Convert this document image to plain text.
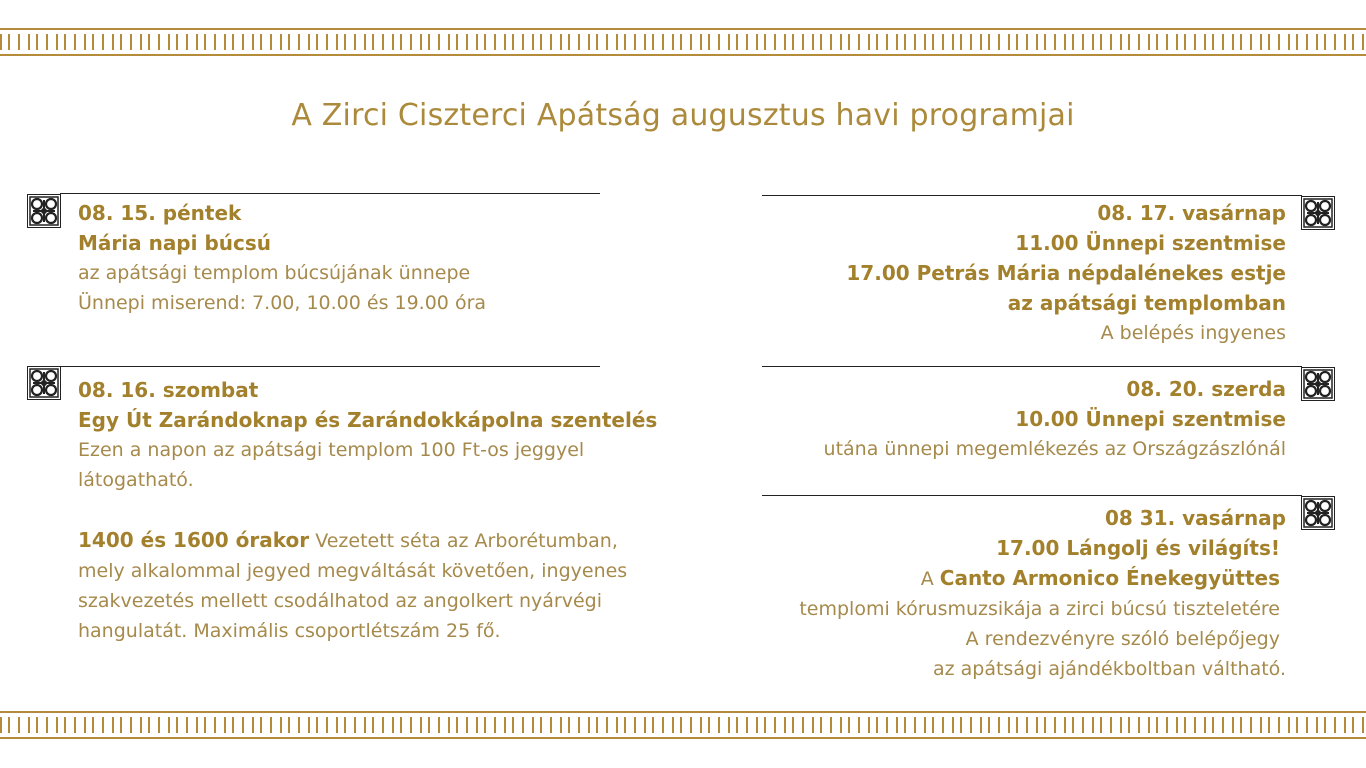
A Zirci Ciszterci Apátság augusztus havi programjai

08. 15. péntek

Mária napi búcsú

az apátsági templom búcsújának ünnepe

Ünnepi miserend: 7.00, 10.00 és 19.00 óra

08. 16. szombat

Egy Út Zarándoknap és Zarándokkápolna szentelés

Ezen a napon az apátsági templom 100 Ft-os jeggyel

látogatható.

1400 és 1600 órakor Vezetett séta az Arborétumban,

mely alkalommal jegyed megváltását követően, ingyenes

szakvezetés mellett csodálhatod az angolkert nyárvégi

hangulatát. Maximális csoportlétszám 25 fő.

08. 17. vasárnap

11.00 Ünnepi szentmise

17.00 Petrás Mária népdalénekes estje

az apátsági templomban

A belépés ingyenes

08. 20. szerda

10.00 Ünnepi szentmise

utána ünnepi megemlékezés az Országzászlónál

08 31. vasárnap

17.00 Lángolj és világíts!

A Canto Armonico Énekegyüttes

templomi kórusmuzsikája a zirci búcsú tiszteletére

A rendezvényre szóló belépőjegy

az apátsági ajándékboltban váltható.
